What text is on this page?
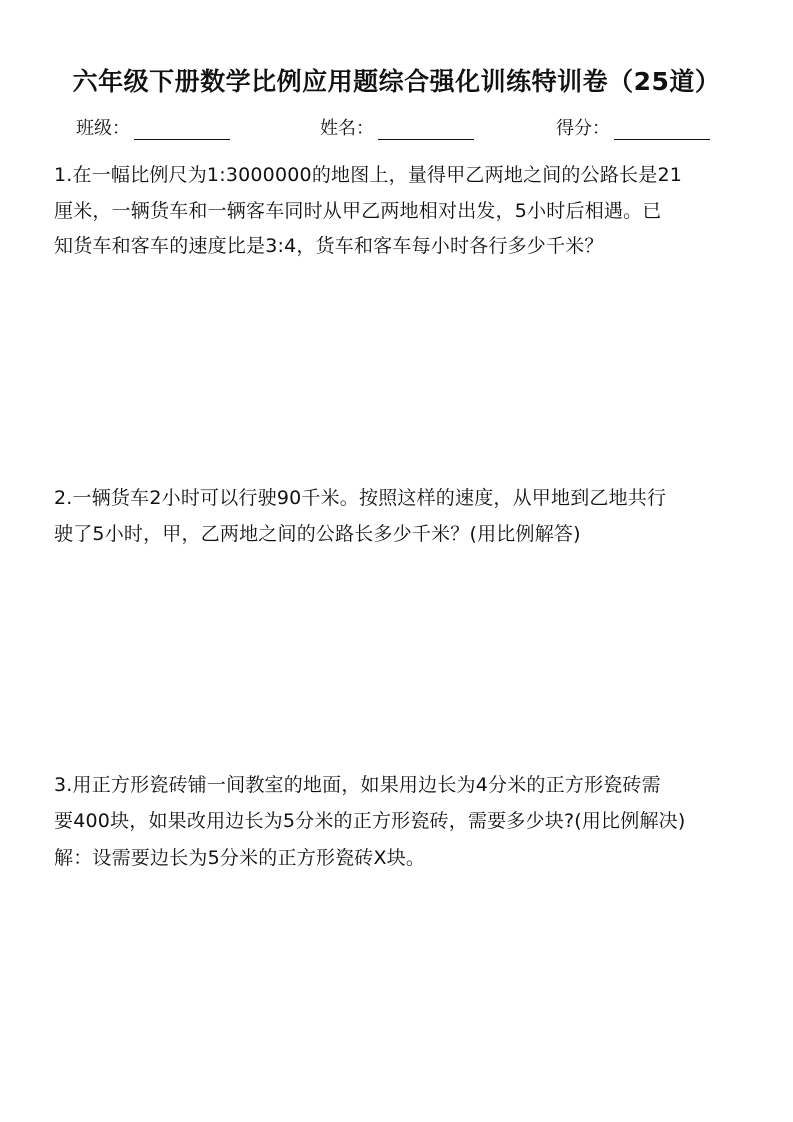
六年级下册数学比例应用题综合强化训练特训卷（25道）
班级：	姓名：	得分：
1.在一幅比例尺为1:3000000的地图上，量得甲乙两地之间的公路长是21
厘米，一辆货车和一辆客车同时从甲乙两地相对出发，5小时后相遇。已
知货车和客车的速度比是3:4，货车和客车每小时各行多少千米？
2.一辆货车2小时可以行驶90千米。按照这样的速度，从甲地到乙地共行
驶了5小时，甲，乙两地之间的公路长多少千米？(用比例解答)
3.用正方形瓷砖铺一间教室的地面，如果用边长为4分米的正方形瓷砖需
要400块，如果改用边长为5分米的正方形瓷砖，需要多少块?(用比例解决)
解：设需要边长为5分米的正方形瓷砖X块。
